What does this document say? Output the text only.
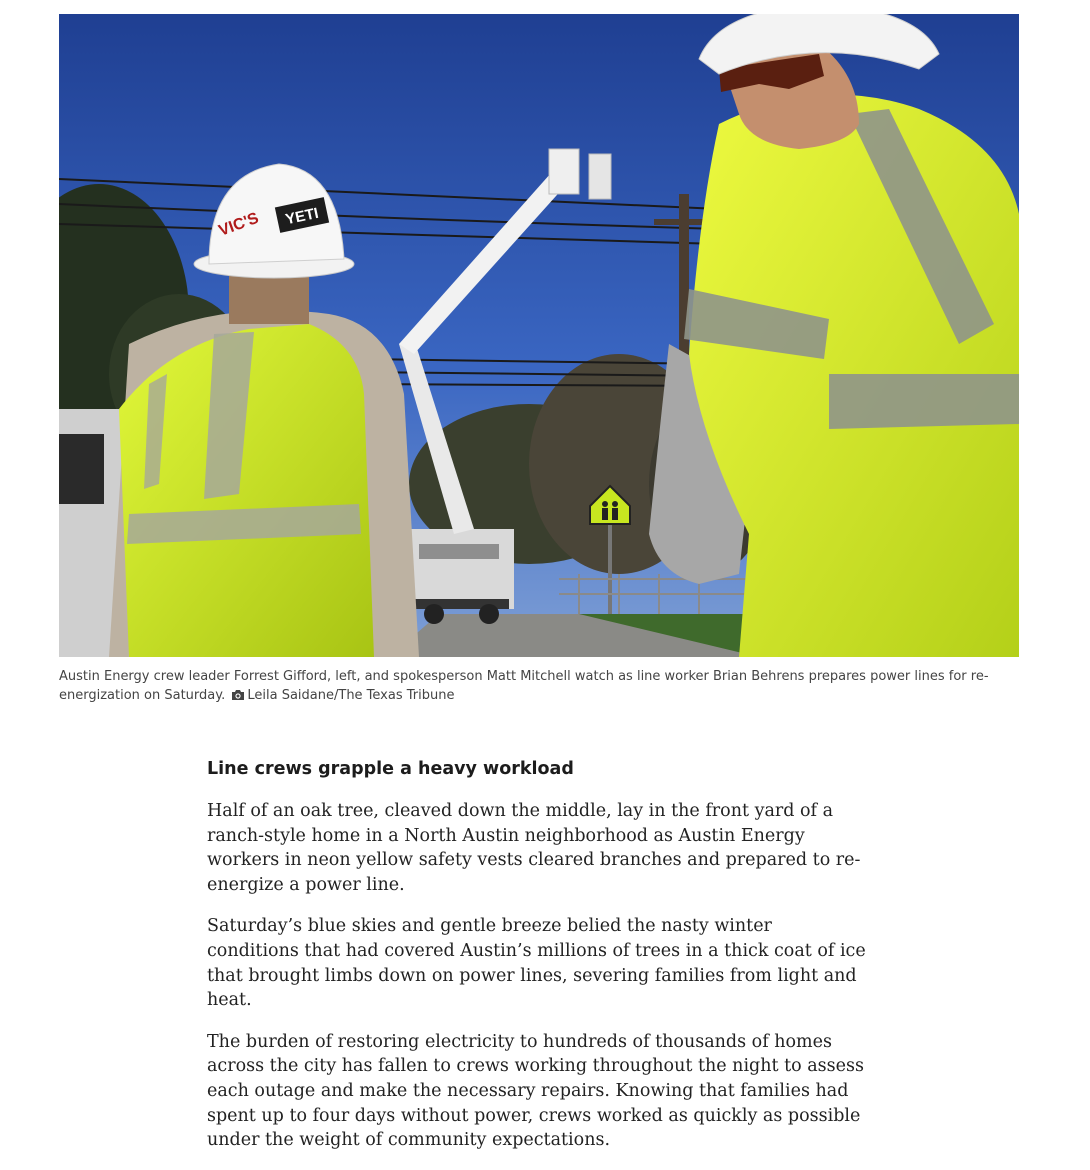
VIC'S YETI
Austin Energy crew leader Forrest Gifford, left, and spokesperson Matt Mitchell watch as line worker Brian Behrens prepares power lines for re-energization on Saturday. Leila Saidane/The Texas Tribune
Line crews grapple a heavy workload

Half of an oak tree, cleaved down the middle, lay in the front yard of a ranch-style home in a North Austin neighborhood as Austin Energy workers in neon yellow safety vests cleared branches and prepared to re-energize a power line.

Saturday’s blue skies and gentle breeze belied the nasty winter conditions that had covered Austin’s millions of trees in a thick coat of ice that brought limbs down on power lines, severing families from light and heat.

The burden of restoring electricity to hundreds of thousands of homes across the city has fallen to crews working throughout the night to assess each outage and make the necessary repairs. Knowing that families had spent up to four days without power, crews worked as quickly as possible under the weight of community expectations.
